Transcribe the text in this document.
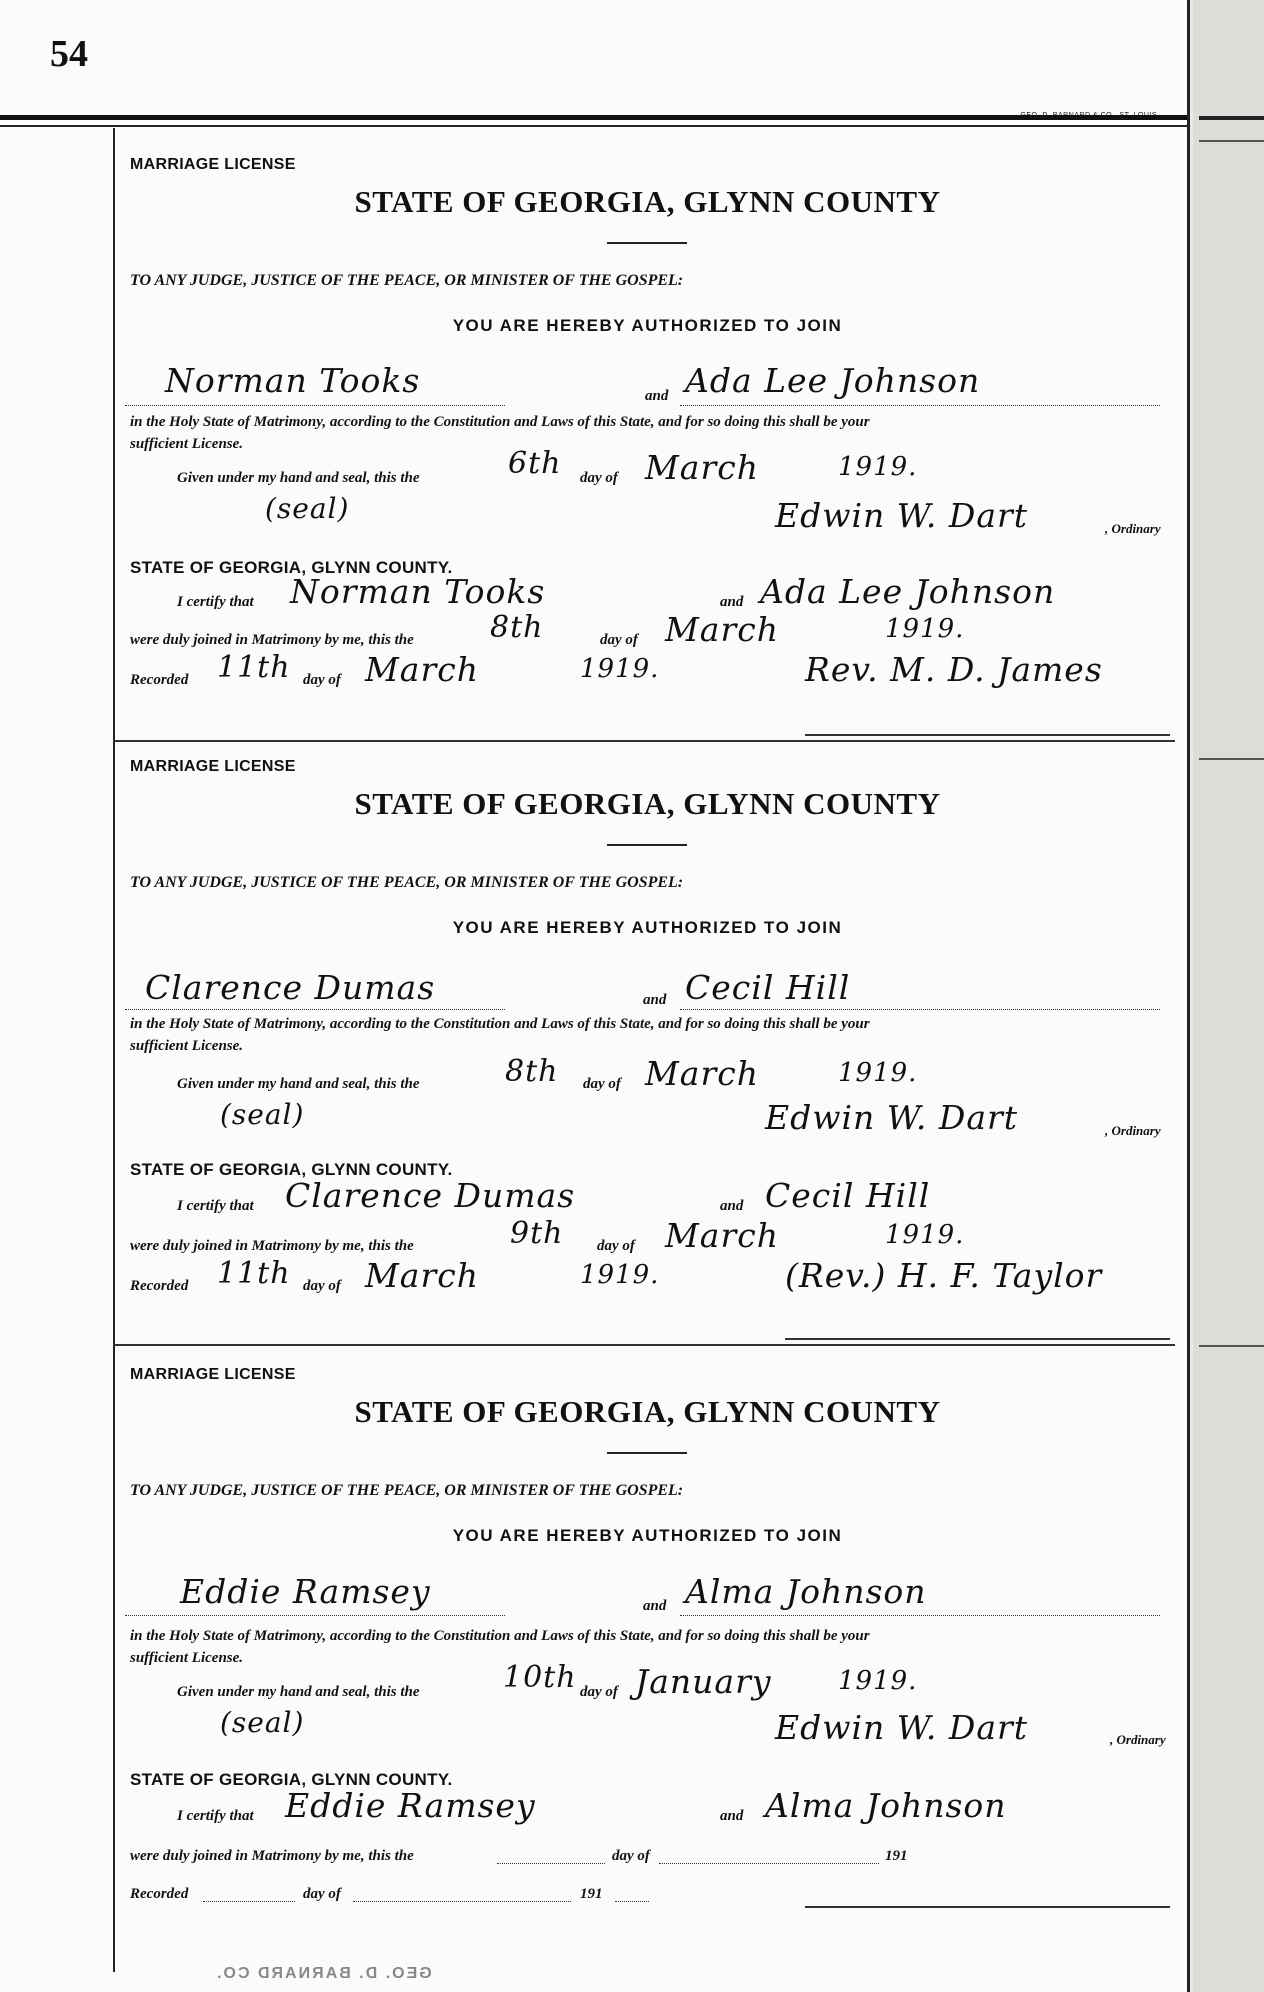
54
GEO. D. BARNARD & CO., ST. LOUIS
MARRIAGE LICENSE
STATE OF GEORGIA, GLYNN COUNTY
TO ANY JUDGE, JUSTICE OF THE PEACE, OR MINISTER OF THE GOSPEL:
YOU ARE HEREBY AUTHORIZED TO JOIN
Norman Tooks	and Ada Lee Johnson
in the Holy State of Matrimony, according to the Constitution and Laws of this State, and for so doing this shall be your
sufficient License.
Given under my hand and seal, this the	6th day of March	1919.
(seal)	Edwin W. Dart	, Ordinary
STATE OF GEORGIA, GLYNN COUNTY.
I certify that Norman Tooks	and Ada Lee Johnson
were duly joined in Matrimony by me, this the	8th	day of March	1919.
Recorded 11th day of March	1919.	Rev. M. D. James
MARRIAGE LICENSE
STATE OF GEORGIA, GLYNN COUNTY
TO ANY JUDGE, JUSTICE OF THE PEACE, OR MINISTER OF THE GOSPEL:
YOU ARE HEREBY AUTHORIZED TO JOIN
Clarence Dumas	and Cecil Hill
in the Holy State of Matrimony, according to the Constitution and Laws of this State, and for so doing this shall be your
sufficient License.
Given under my hand and seal, this the	8th day of March	1919.
(seal)	Edwin W. Dart	, Ordinary
STATE OF GEORGIA, GLYNN COUNTY.
I certify that Clarence Dumas	and Cecil Hill
were duly joined in Matrimony by me, this the	9th day of March	1919.
Recorded 11th day of March	1919.	(Rev.) H. F. Taylor
MARRIAGE LICENSE
STATE OF GEORGIA, GLYNN COUNTY
TO ANY JUDGE, JUSTICE OF THE PEACE, OR MINISTER OF THE GOSPEL:
YOU ARE HEREBY AUTHORIZED TO JOIN
Eddie Ramsey	and Alma Johnson
in the Holy State of Matrimony, according to the Constitution and Laws of this State, and for so doing this shall be your
sufficient License.
Given under my hand and seal, this the	10th day of January	1919.
(seal)	Edwin W. Dart	, Ordinary
STATE OF GEORGIA, GLYNN COUNTY.
I certify that Eddie Ramsey	and Alma Johnson
were duly joined in Matrimony by me, this the	day of	191
Recorded	day of	191
GEO. D. BARNARD CO.
